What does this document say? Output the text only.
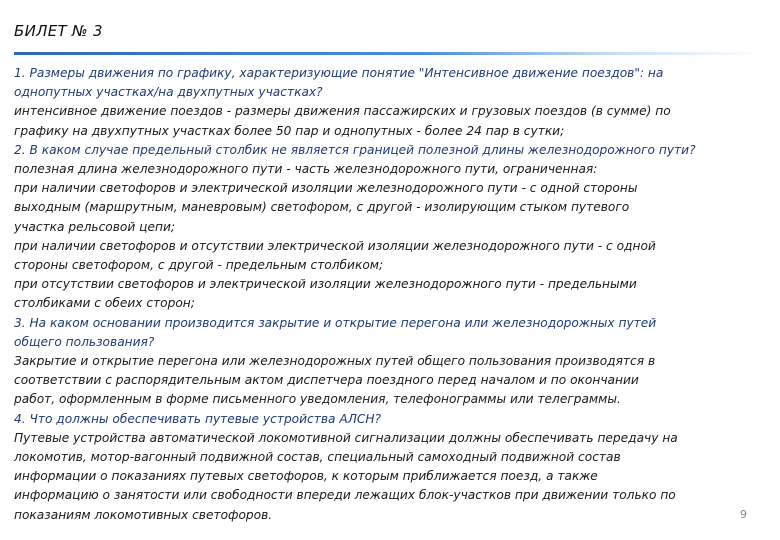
БИЛЕТ № 3
1. Размеры движения по графику, характеризующие понятие "Интенсивное движение поездов": на
однопутных участках/на двухпутных участках?
интенсивное движение поездов - размеры движения пассажирских и грузовых поездов (в сумме) по
графику на двухпутных участках более 50 пар и однопутных - более 24 пар в сутки;
2. В каком случае предельный столбик не является границей полезной длины железнодорожного пути?
полезная длина железнодорожного пути - часть железнодорожного пути, ограниченная:
при наличии светофоров и электрической изоляции железнодорожного пути - с одной стороны
выходным (маршрутным, маневровым) светофором, с другой - изолирующим стыком путевого
участка рельсовой цепи;
при наличии светофоров и отсутствии электрической изоляции железнодорожного пути - с одной
стороны светофором, с другой - предельным столбиком;
при отсутствии светофоров и электрической изоляции железнодорожного пути - предельными
столбиками с обеих сторон;
3. На каком основании производится закрытие и открытие перегона или железнодорожных путей
общего пользования?
Закрытие и открытие перегона или железнодорожных путей общего пользования производятся в
соответствии с распорядительным актом диспетчера поездного перед началом и по окончании
работ, оформленным в форме письменного уведомления, телефонограммы или телеграммы.
4. Что должны обеспечивать путевые устройства АЛСН?
Путевые устройства автоматической локомотивной сигнализации должны обеспечивать передачу на
локомотив, мотор-вагонный подвижной состав, специальный самоходный подвижной состав
информации о показаниях путевых светофоров, к которым приближается поезд, а также
информацию о занятости или свободности впереди лежащих блок-участков при движении только по
показаниям локомотивных светофоров.	9
